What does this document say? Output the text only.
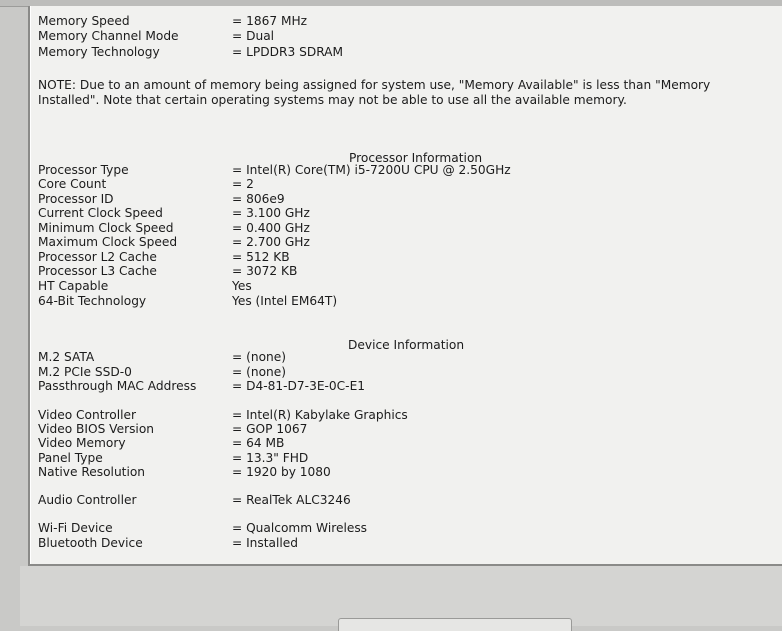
Memory Speed	= 1867 MHz
Memory Channel Mode	= Dual
Memory Technology	= LPDDR3 SDRAM
NOTE: Due to an amount of memory being assigned for system use, "Memory Available" is less than "Memory Installed". Note that certain operating systems may not be able to use all the available memory.
Processor Information
Processor Type	= Intel(R) Core(TM) i5-7200U CPU @ 2.50GHz
Core Count	= 2
Processor ID	= 806e9
Current Clock Speed	= 3.100 GHz
Minimum Clock Speed	= 0.400 GHz
Maximum Clock Speed	= 2.700 GHz
Processor L2 Cache	= 512 KB
Processor L3 Cache	= 3072 KB
HT Capable	Yes
64-Bit Technology	Yes (Intel EM64T)
Device Information
M.2 SATA	= (none)
M.2 PCIe SSD-0	= (none)
Passthrough MAC Address	= D4-81-D7-3E-0C-E1
Video Controller	= Intel(R) Kabylake Graphics
Video BIOS Version	= GOP 1067
Video Memory	= 64 MB
Panel Type	= 13.3" FHD
Native Resolution	= 1920 by 1080
Audio Controller	= RealTek ALC3246
Wi-Fi Device	= Qualcomm Wireless
Bluetooth Device	= Installed
